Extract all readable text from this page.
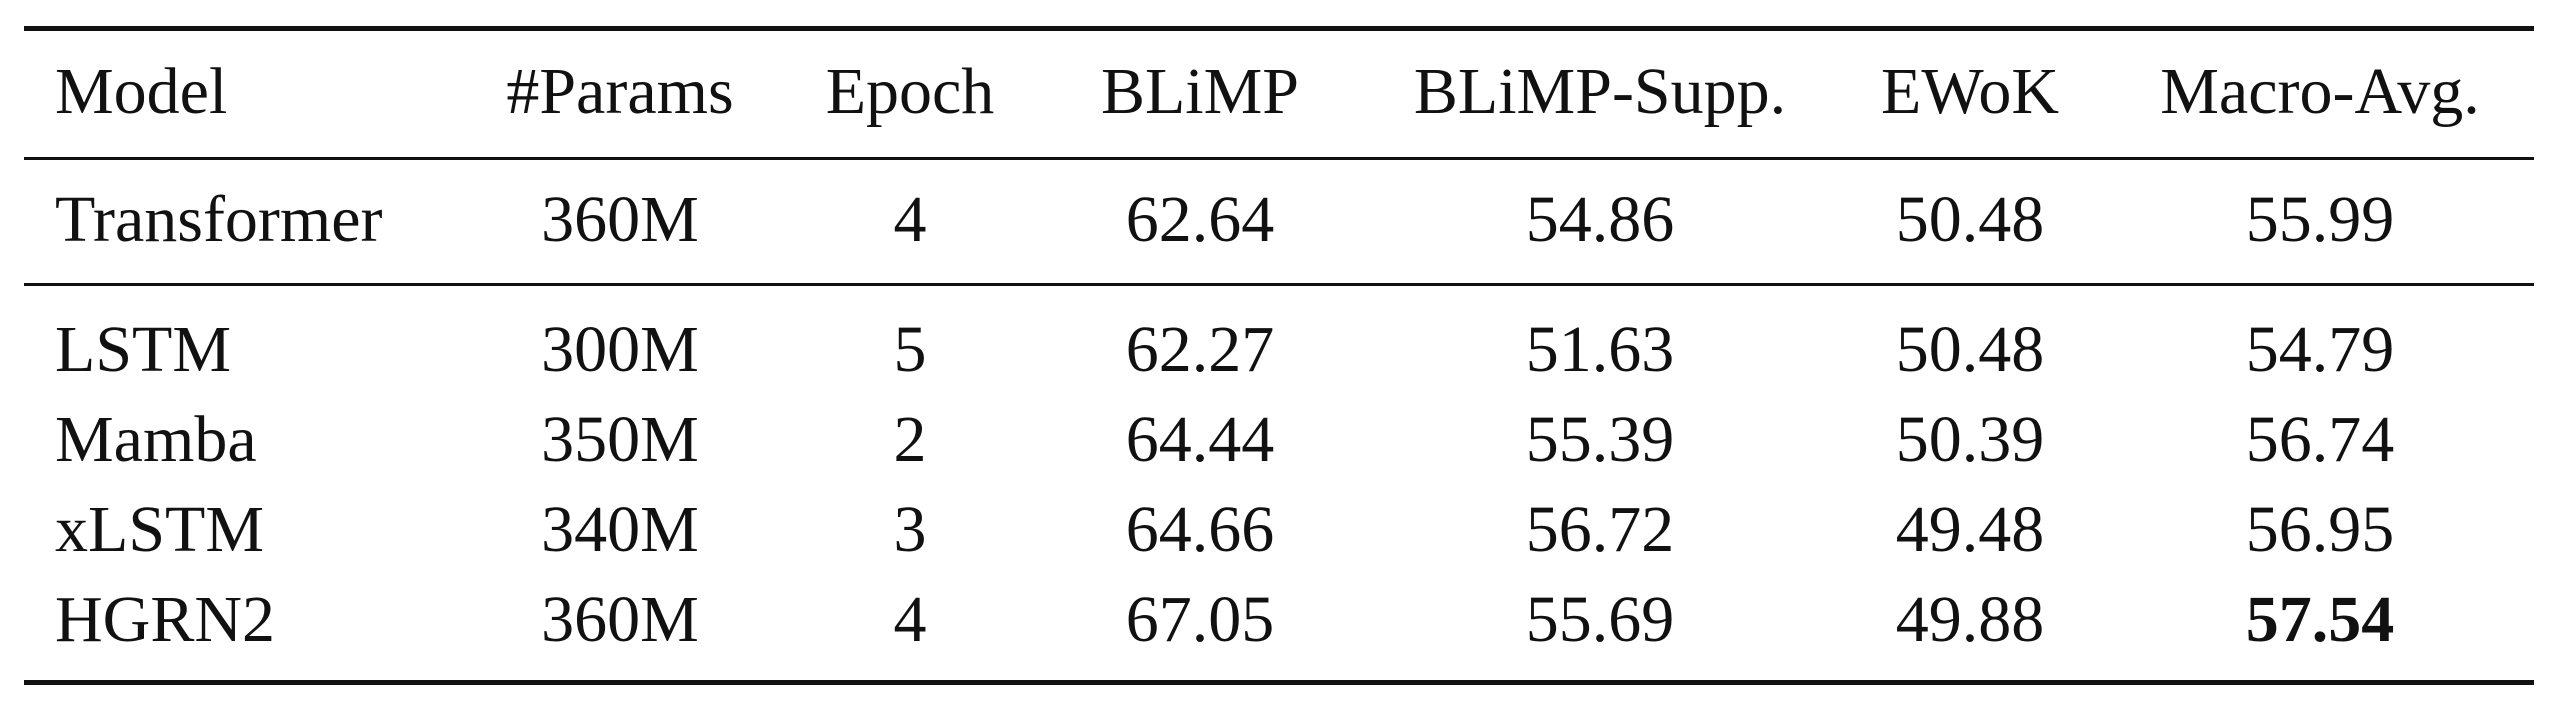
Model	#Params	Epoch	BLiMP	BLiMP-Supp.	EWoK	Macro-Avg.
Transformer	360M	4	62.64	54.86	50.48	55.99
LSTM	300M	5	62.27	51.63	50.48	54.79
Mamba	350M	2	64.44	55.39	50.39	56.74
xLSTM	340M	3	64.66	56.72	49.48	56.95
HGRN2	360M	4	67.05	55.69	49.88	57.54
